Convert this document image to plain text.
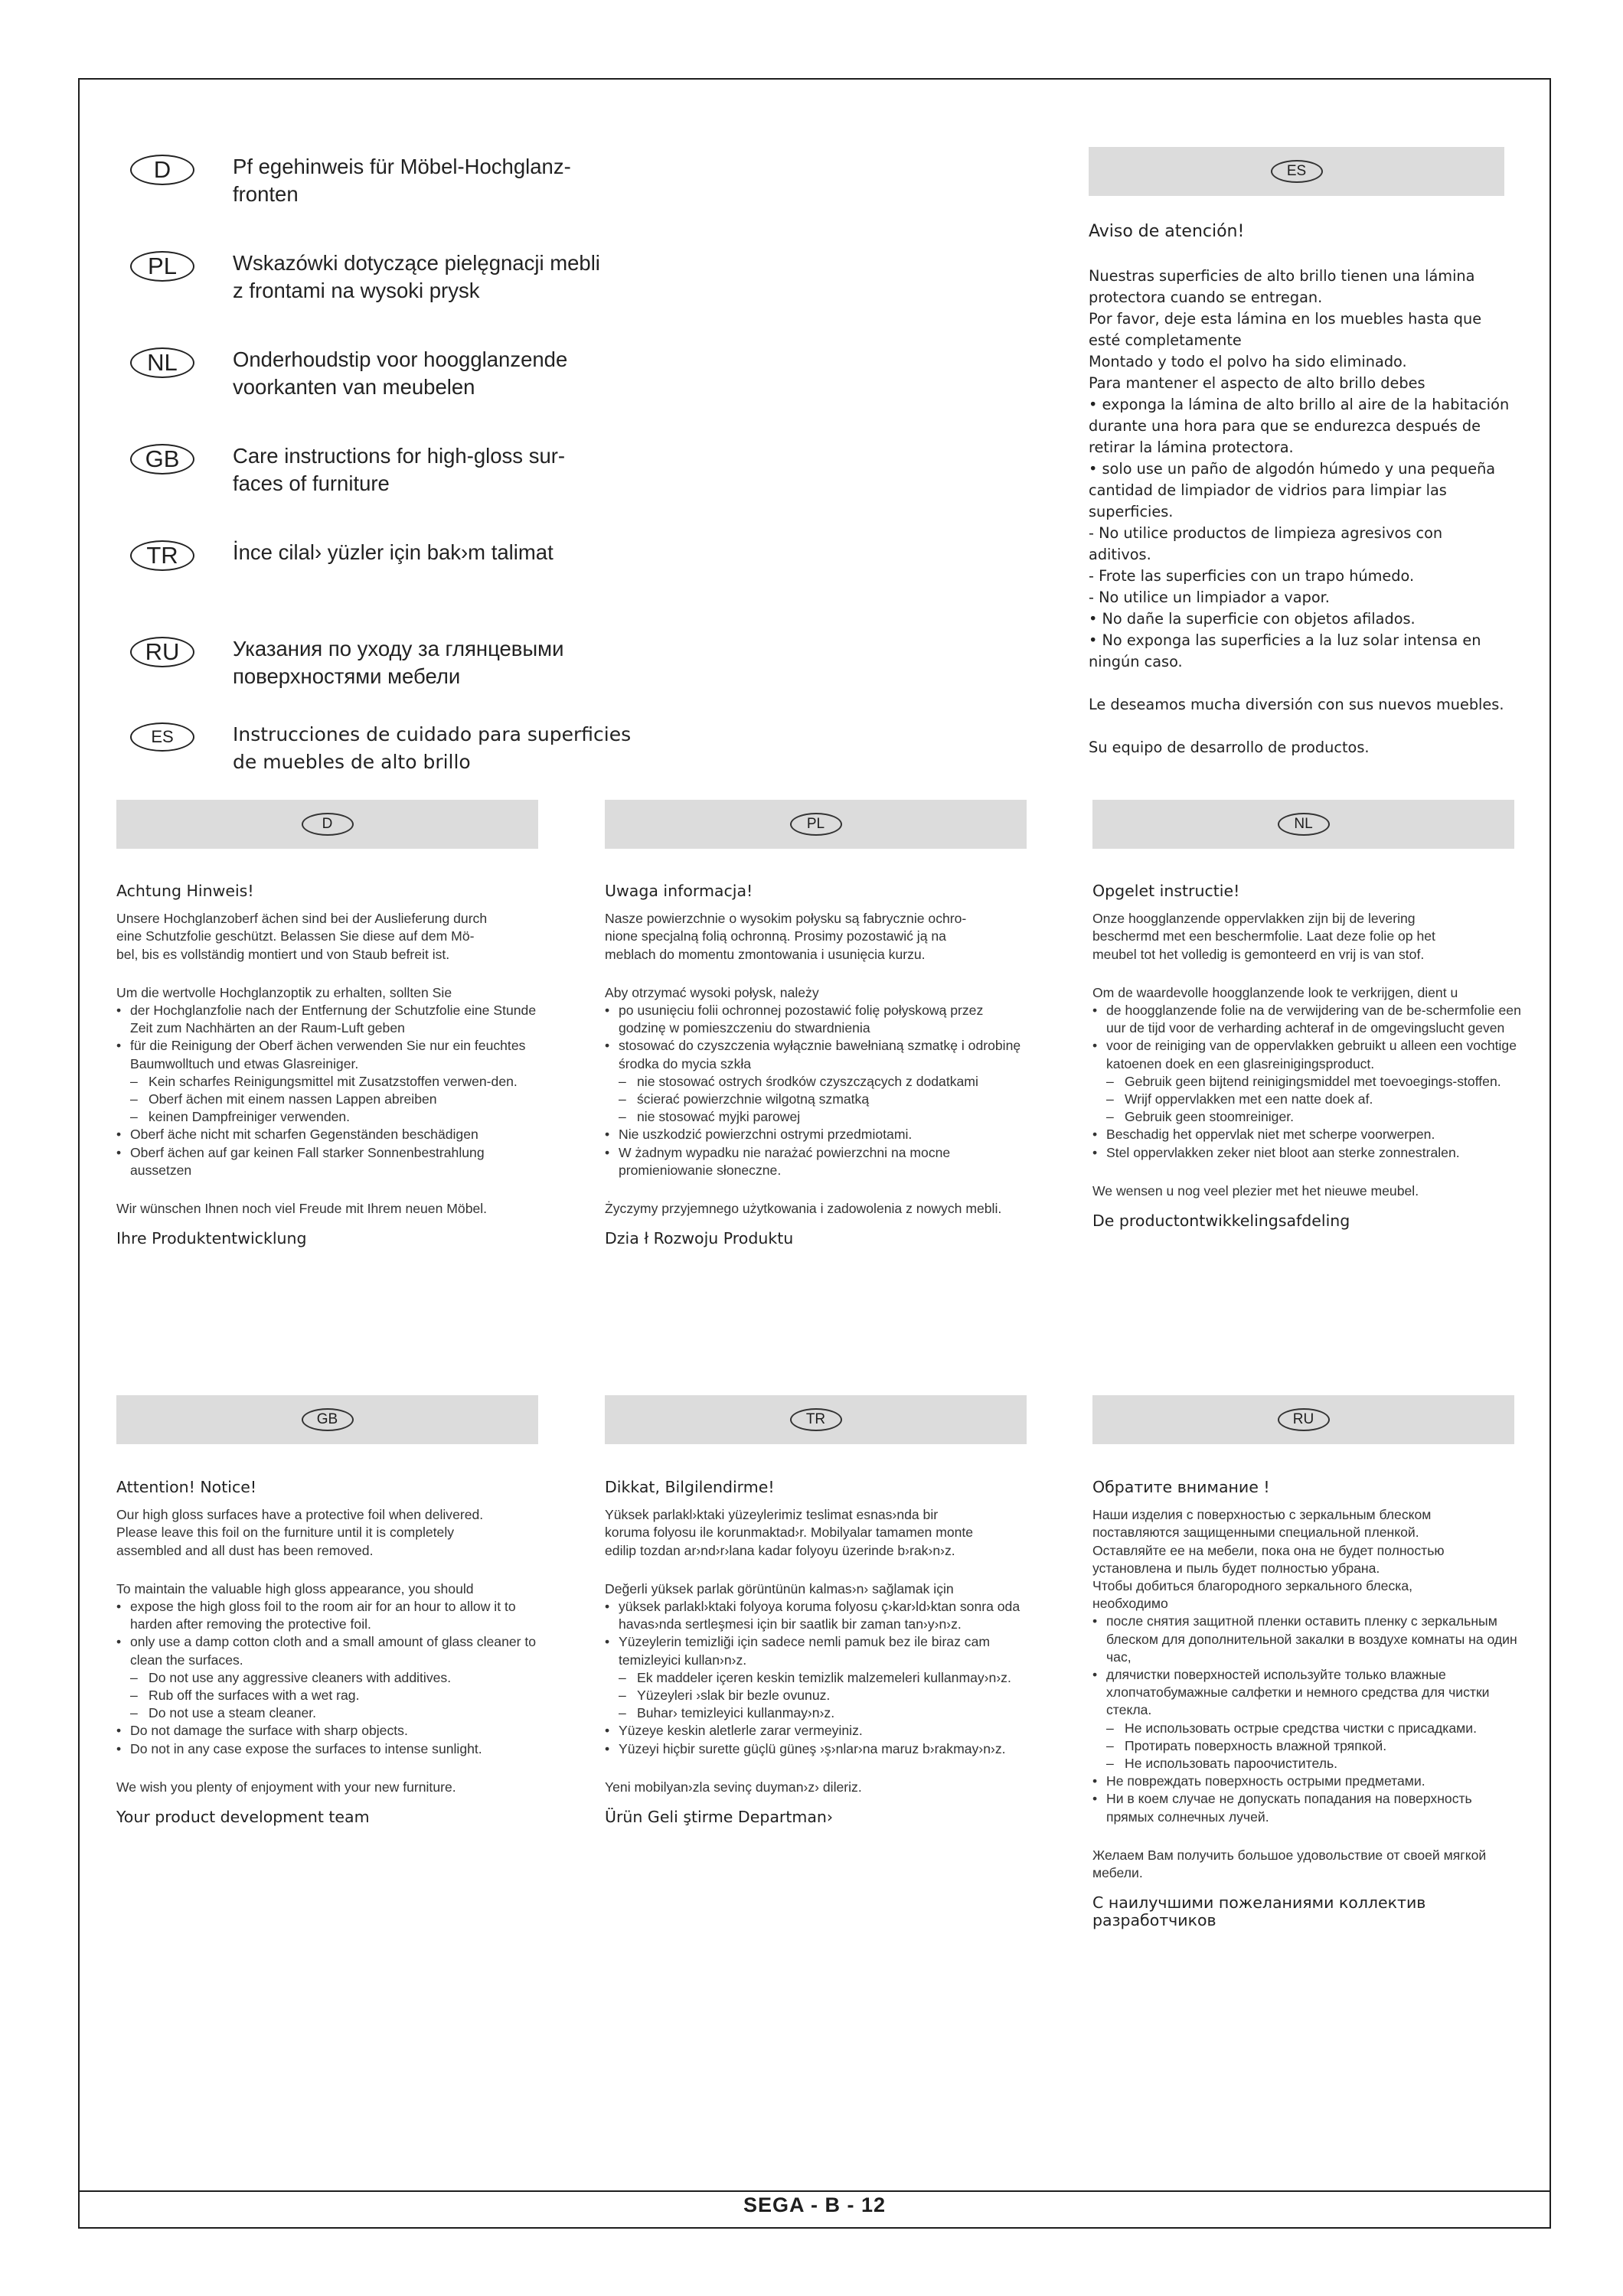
D	Pf egehinweis für Möbel-Hochglanz-
fronten
PL	Wskazówki dotyczące pielęgnacji mebli
z frontami na wysoki prysk
NL	Onderhoudstip voor hoogglanzende
voorkanten van meubelen
GB	Care instructions for high-gloss sur-
faces of furniture
TR	İnce cilal› yüzler için bak›m talimat
RU	Указания по уходу за глянцевыми
поверхностями мебели
ES	Instrucciones de cuidado para superficies
de muebles de alto brillo
ES
Aviso de atención!

Nuestras superficies de alto brillo tienen una lámina

protectora cuando se entregan.

Por favor, deje esta lámina en los muebles hasta que

esté completamente

Montado y todo el polvo ha sido eliminado.

Para mantener el aspecto de alto brillo debes

• exponga la lámina de alto brillo al aire de la habitación

durante una hora para que se endurezca después de

retirar la lámina protectora.

• solo use un paño de algodón húmedo y una pequeña

cantidad de limpiador de vidrios para limpiar las

superficies.

- No utilice productos de limpieza agresivos con

aditivos.

- Frote las superficies con un trapo húmedo.

- No utilice un limpiador a vapor.

• No dañe la superficie con objetos afilados.

• No exponga las superficies a la luz solar intensa en

ningún caso.

Le deseamos mucha diversión con sus nuevos muebles.

Su equipo de desarrollo de productos.

D
Achtung Hinweis!

Unsere Hochglanzoberf ächen sind bei der Auslieferung durch

eine Schutzfolie geschützt. Belassen Sie diese auf dem Mö-

bel, bis es vollständig montiert und von Staub befreit ist.

Um die wertvolle Hochglanzoptik zu erhalten, sollten Sie

• der Hochglanzfolie nach der Entfernung der Schutzfolie eine Stunde Zeit zum Nachhärten an der Raum-Luft geben
• für die Reinigung der Oberf ächen verwenden Sie nur ein feuchtes Baumwolltuch und etwas Glasreiniger.
– Kein scharfes Reinigungsmittel mit Zusatzstoffen verwen-den.
– Oberf ächen mit einem nassen Lappen abreiben
– keinen Dampfreiniger verwenden.
• Oberf äche nicht mit scharfen Gegenständen beschädigen
• Oberf ächen auf gar keinen Fall starker Sonnenbestrahlung aussetzen

Wir wünschen Ihnen noch viel Freude mit Ihrem neuen Möbel.

Ihre Produktentwicklung
PL
Uwaga informacja!

Nasze powierzchnie o wysokim połysku są fabrycznie ochro-

nione specjalną folią ochronną. Prosimy pozostawić ją na

meblach do momentu zmontowania i usunięcia kurzu.

Aby otrzymać wysoki połysk, należy

• po usunięciu folii ochronnej pozostawić folię połyskową przez godzinę w pomieszczeniu do stwardnienia
• stosować do czyszczenia wyłącznie bawełnianą szmatkę i odrobinę środka do mycia szkła
– nie stosować ostrych środków czyszczących z dodatkami
– ścierać powierzchnie wilgotną szmatką
– nie stosować myjki parowej
• Nie uszkodzić powierzchni ostrymi przedmiotami.
• W żadnym wypadku nie narażać powierzchni na mocne promieniowanie słoneczne.

Życzymy przyjemnego użytkowania i zadowolenia z nowych mebli.

Dzia ł Rozwoju Produktu
NL
Opgelet instructie!

Onze hoogglanzende oppervlakken zijn bij de levering

beschermd met een beschermfolie. Laat deze folie op het

meubel tot het volledig is gemonteerd en vrij is van stof.

Om de waardevolle hoogglanzende look te verkrijgen, dient u

• de hoogglanzende folie na de verwijdering van de be-schermfolie een uur de tijd voor de verharding achteraf in de omgevingslucht geven
• voor de reiniging van de oppervlakken gebruikt u alleen een vochtige katoenen doek en een glasreinigingsproduct.
– Gebruik geen bijtend reinigingsmiddel met toevoegings-stoffen.
– Wrijf oppervlakken met een natte doek af.
– Gebruik geen stoomreiniger.
• Beschadig het oppervlak niet met scherpe voorwerpen.
• Stel oppervlakken zeker niet bloot aan sterke zonnestralen.

We wensen u nog veel plezier met het nieuwe meubel.

De productontwikkelingsafdeling
GB
Attention! Notice!

Our high gloss surfaces have a protective foil when delivered.

Please leave this foil on the furniture until it is completely

assembled and all dust has been removed.

To maintain the valuable high gloss appearance, you should

• expose the high gloss foil to the room air for an hour to allow it to harden after removing the protective foil.
• only use a damp cotton cloth and a small amount of glass cleaner to clean the surfaces.
– Do not use any aggressive cleaners with additives.
– Rub off the surfaces with a wet rag.
– Do not use a steam cleaner.
• Do not damage the surface with sharp objects.
• Do not in any case expose the surfaces to intense sunlight.

We wish you plenty of enjoyment with your new furniture.

Your product development team
TR
Dikkat, Bilgilendirme!

Yüksek parlakl›ktaki yüzeylerimiz teslimat esnas›nda bir

koruma folyosu ile korunmaktad›r. Mobilyalar tamamen monte

edilip tozdan ar›nd›r›lana kadar folyoyu üzerinde b›rak›n›z.

Değerli yüksek parlak görüntünün kalmas›n› sağlamak için

• yüksek parlakl›ktaki folyoya koruma folyosu ç›kar›ld›ktan sonra oda havas›nda sertleşmesi için bir saatlik bir zaman tan›y›n›z.
• Yüzeylerin temizliği için sadece nemli pamuk bez ile biraz cam temizleyici kullan›n›z.
– Ek maddeler içeren keskin temizlik malzemeleri kullanmay›n›z.
– Yüzeyleri ›slak bir bezle ovunuz.
– Buhar› temizleyici kullanmay›n›z.
• Yüzeye keskin aletlerle zarar vermeyiniz.
• Yüzeyi hiçbir surette güçlü güneş ›ş›nlar›na maruz b›rakmay›n›z.

Yeni mobilyan›zla sevinç duyman›z› dileriz.

Ürün Geli ştirme Departman›
RU
Обратите внимание !

Наши изделия с поверхностью с зеркальным блеском

поставляются защищенными специальной пленкой.

Оставляйте ее на мебели, пока она не будет полностью

установлена и пыль будет полностью убрана.

Чтобы добиться благородного зеркального блеска,

необходимо

• после снятия защитной пленки оставить пленку с зеркальным блеском для дополнительной закалки в воздухе комнаты на один час,
• длячистки поверхностей используйте только влажные хлопчатобумажные салфетки и немного средства для чистки стекла.
– Не использовать острые средства чистки с присадками.
– Протирать поверхность влажной тряпкой.
– Не использовать пароочиститель.
• Не повреждать поверхность острыми предметами.
• Ни в коем случае не допускать попадания на поверхность прямых солнечных лучей.

Желаем Вам получить большое удовольствие от своей мягкой мебели.

С наилучшими пожеланиями коллектив разработчиков
SEGA - B - 12
